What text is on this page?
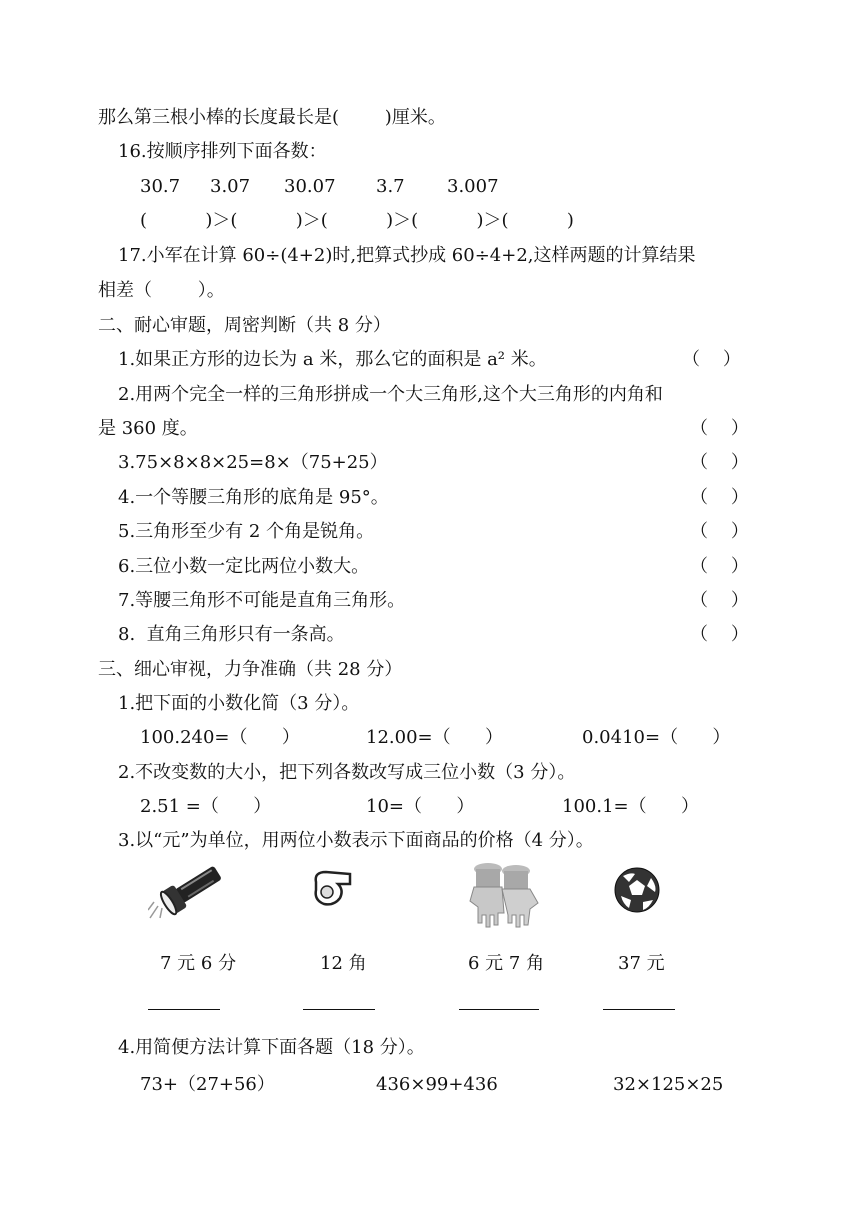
那么第三根小棒的长度最长是(        )厘米。
16.按顺序排列下面各数：
30.7 3.07 30.07 3.7 3.007
(      )＞(      )＞(      )＞(      )＞(      )
17.小军在计算 60÷(4+2)时,把算式抄成 60÷4+2,这样两题的计算结果
相差（        ）。
二、耐心审题，周密判断（共 8 分）
1.如果正方形的边长为 a 米，那么它的面积是 a² 米。	（    ）
2.用两个完全一样的三角形拼成一个大三角形,这个大三角形的内角和
是 360 度。	（    ）
3.75×8×8×25=8×（75+25）	（    ）
4.一个等腰三角形的底角是 95°。	（    ）
5.三角形至少有 2 个角是锐角。	（    ）
6.三位小数一定比两位小数大。	（    ）
7.等腰三角形不可能是直角三角形。	（    ）
8.  直角三角形只有一条高。	（    ）
三、细心审视，力争准确（共 28 分）
1.把下面的小数化简（3 分）。
100.240=（      ）	12.00=（      ）	0.0410=（      ）
2.不改变数的大小，把下列各数改写成三位小数（3 分）。
2.51 =（      ）	10=（      ）	100.1=（      ）
3.以“元”为单位，用两位小数表示下面商品的价格（4 分）。
7 元 6 分	12 角	6 元 7 角	37 元
4.用简便方法计算下面各题（18 分）。
73+（27+56）	436×99+436	32×125×25
